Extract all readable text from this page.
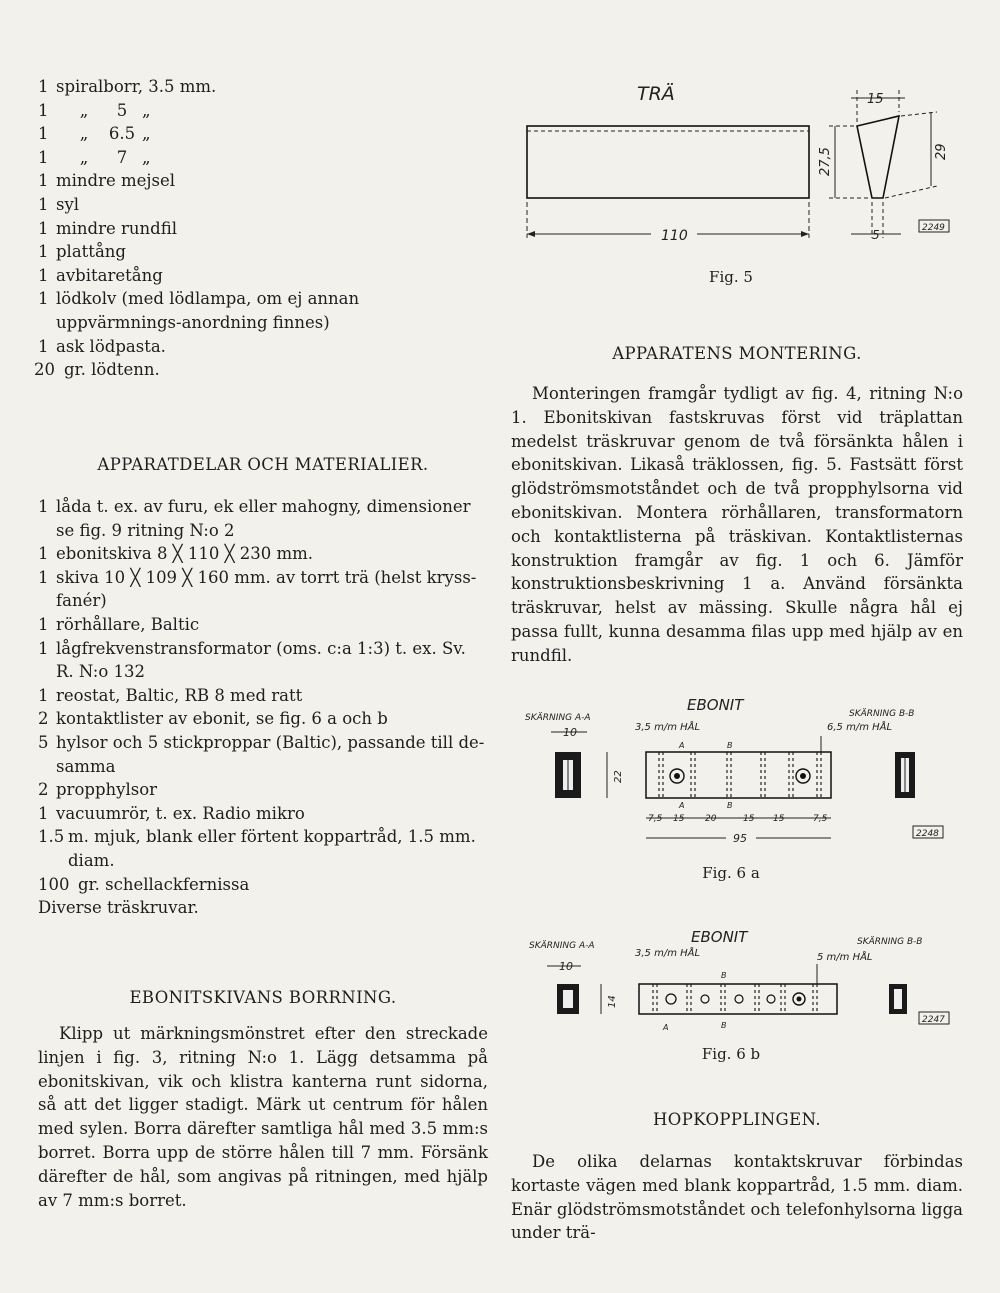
1 spiralborr, 3.5 mm.
1 „ 5 „
1 „ 6.5 „
1 „ 7 „
1 mindre mejsel
1 syl
1 mindre rundfil
1 plattång
1 avbitaretång
1 lödkolv (med lödlampa, om ej annan uppvärmnings-anordning finnes)
1 ask lödpasta.
20 gr. lödtenn.
APPARATDELAR OCH MATERIALIER.
1 låda t. ex. av furu, ek eller mahogny, dimensioner se fig. 9 ritning N:o 2
1 ebonitskiva 8 ╳ 110 ╳ 230 mm.
1 skiva 10 ╳ 109 ╳ 160 mm. av torrt trä (helst kryss-fanér)
1 rörhållare, Baltic
1 lågfrekvenstransformator (oms. c:a 1:3) t. ex. Sv. R. N:o 132
1 reostat, Baltic, RB 8 med ratt
2 kontaktlister av ebonit, se fig. 6 a och b
5 hylsor och 5 stickproppar (Baltic), passande till de-samma
2 propphylsor
1 vacuumrör, t. ex. Radio mikro
1.5 m. mjuk, blank eller förtent koppartråd, 1.5 mm. diam.
100 gr. schellackfernissa
Diverse träskruvar.
EBONITSKIVANS BORRNING.

Klipp ut märkningsmönstret efter den streckade linjen i fig. 3, ritning N:o 1. Lägg detsamma på ebonitskivan, vik och klistra kanterna runt sidorna, så att det ligger stadigt. Märk ut centrum för hålen med sylen. Borra därefter samtliga hål med 3.5 mm:s borret. Borra upp de större hålen till 7 mm. Försänk därefter de hål, som angivas på ritningen, med hjälp av 7 mm:s borret.

TRÄ
110
15
27,5	29
5	2249
Fig. 5
APPARATENS MONTERING.

Monteringen framgår tydligt av fig. 4, ritning N:o 1. Ebonitskivan fastskruvas först vid träplattan medelst träskruvar genom de två försänkta hålen i ebonitskivan. Likaså träklossen, fig. 5. Fastsätt först glödströmsmotståndet och de två propphylsorna vid ebonitskivan. Montera rörhållaren, transformatorn och kontaktlisterna på träskivan. Kontaktlisternas konstruktion framgår av fig. 1 och 6. Jämför konstruktionsbeskrivning 1 a. Använd försänkta träskruvar, helst av mässing. Skulle några hål ej passa fullt, kunna desamma filas upp med hjälp av en rundfil.

SKÄRNING A-A
10
22
EBONIT
3,5 m/m HÅL
SKÄRNING B-B
6,5 m/m HÅL
A	B
A	B
7,5 15 20	15 15	7,5
95	2248
Fig. 6 a
SKÄRNING A-A
10
14
EBONIT
3,5 m/m HÅL
SKÄRNING B-B
5 m/m HÅL
A	B
B
2247
Fig. 6 b
HOPKOPPLINGEN.

De olika delarnas kontaktskruvar förbindas kortaste vägen med blank koppartråd, 1.5 mm. diam. Enär glödströmsmotståndet och telefonhylsorna ligga under trä-
